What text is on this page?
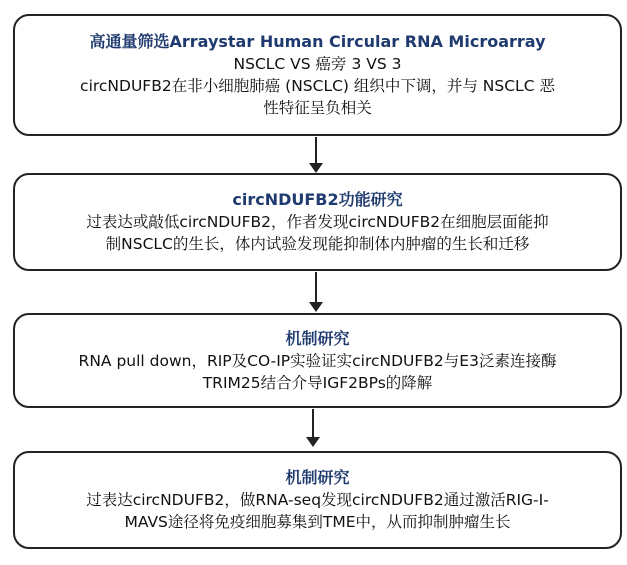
高通量筛选Arraystar Human Circular RNA Microarray
NSCLC VS 癌旁 3 VS 3
circNDUFB2在非小细胞肺癌 (NSCLC) 组织中下调，并与 NSCLC 恶
性特征呈负相关
circNDUFB2功能研究
过表达或敲低circNDUFB2，作者发现circNDUFB2在细胞层面能抑
制NSCLC的生长，体内试验发现能抑制体内肿瘤的生长和迁移
机制研究
RNA pull down，RIP及CO-IP实验证实circNDUFB2与E3泛素连接酶
TRIM25结合介导IGF2BPs的降解
机制研究
过表达circNDUFB2，做RNA-seq发现circNDUFB2通过激活RIG-I-
MAVS途径将免疫细胞募集到TME中，从而抑制肿瘤生长
